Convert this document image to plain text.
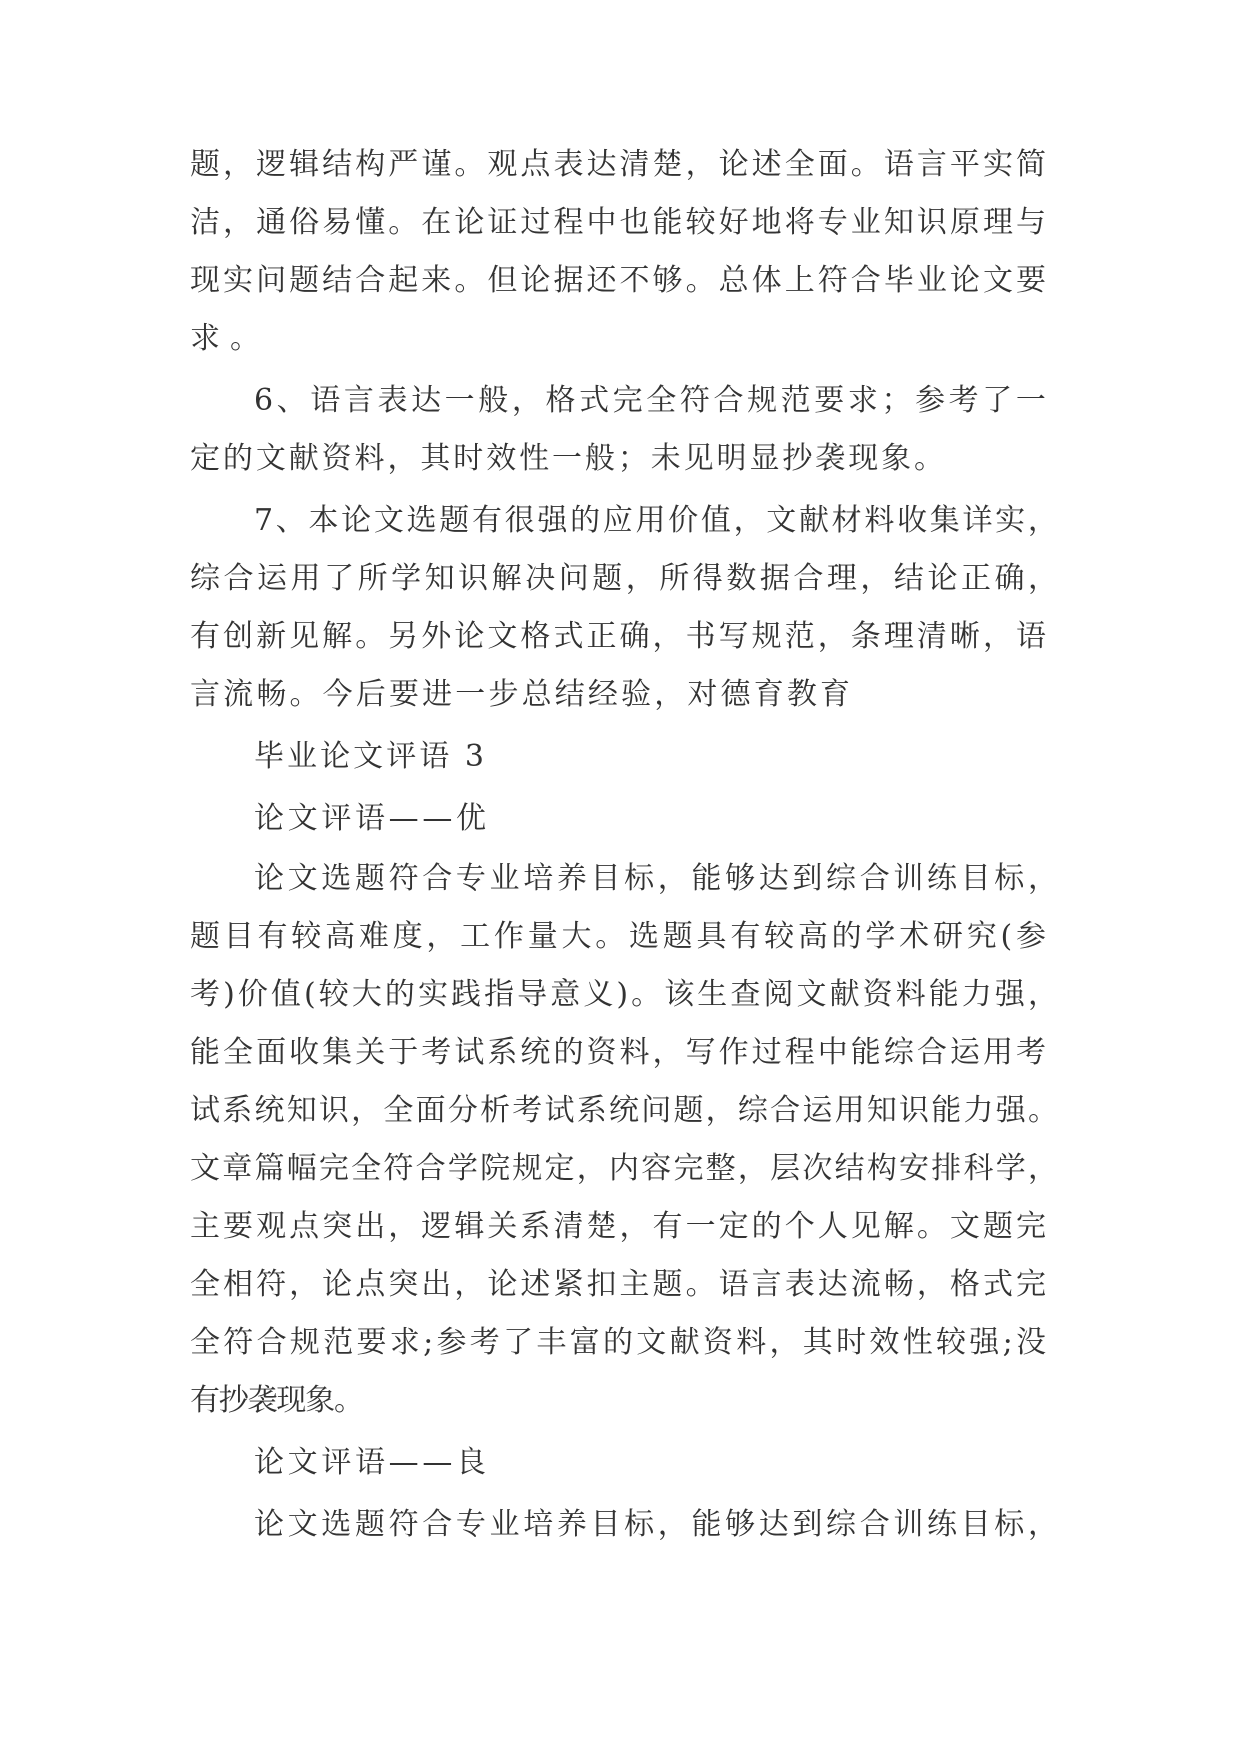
题，逻辑结构严谨。观点表达清楚，论述全面。语言平实简
洁，通俗易懂。在论证过程中也能较好地将专业知识原理与
现实问题结合起来。但论据还不够。总体上符合毕业论文要
求。
6、语言表达一般，格式完全符合规范要求；参考了一
定的文献资料，其时效性一般；未见明显抄袭现象。
7、本论文选题有很强的应用价值，文献材料收集详实，
综合运用了所学知识解决问题，所得数据合理，结论正确，
有创新见解。另外论文格式正确，书写规范，条理清晰，语
言流畅。今后要进一步总结经验，对德育教育
毕业论文评语 3
论文评语——优
论文选题符合专业培养目标，能够达到综合训练目标，
题目有较高难度，工作量大。选题具有较高的学术研究(参
考)价值(较大的实践指导意义)。该生查阅文献资料能力强，
能全面收集关于考试系统的资料，写作过程中能综合运用考
试系统知识，全面分析考试系统问题，综合运用知识能力强。
文章篇幅完全符合学院规定，内容完整，层次结构安排科学，
主要观点突出，逻辑关系清楚，有一定的个人见解。文题完
全相符，论点突出，论述紧扣主题。语言表达流畅，格式完
全符合规范要求;参考了丰富的文献资料，其时效性较强;没
有抄袭现象。
论文评语——良
论文选题符合专业培养目标，能够达到综合训练目标，
